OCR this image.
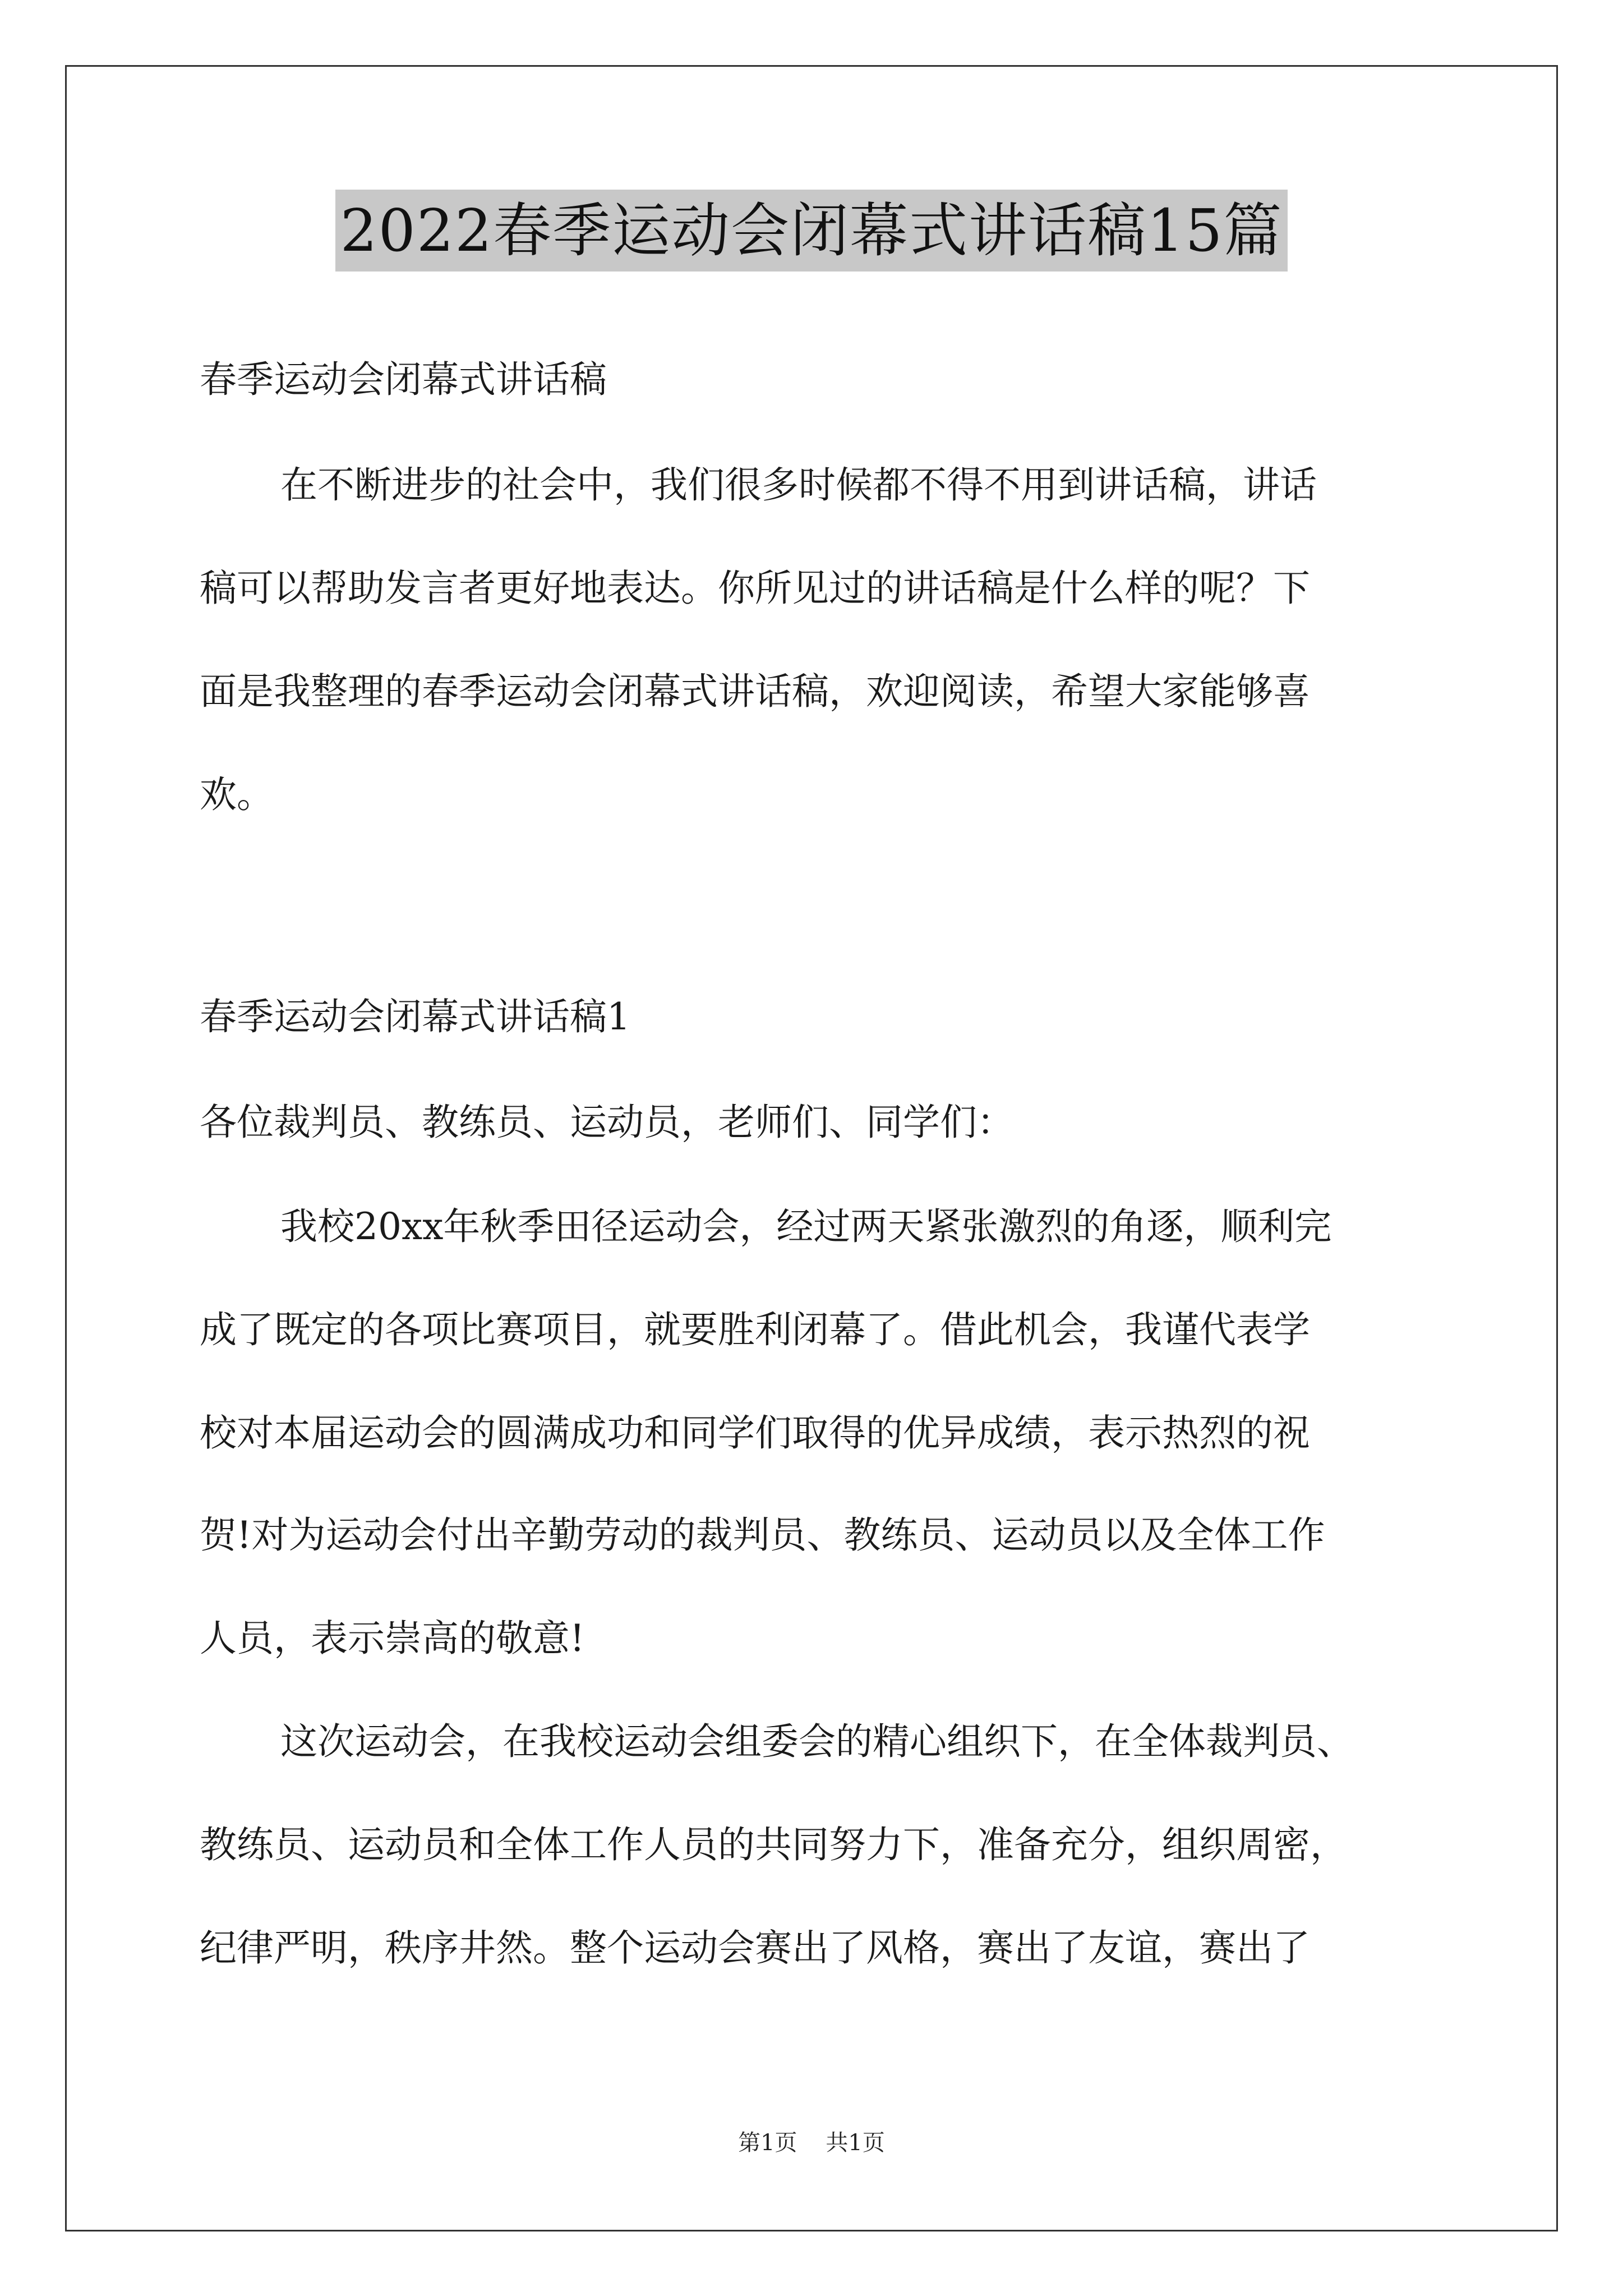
2022春季运动会闭幕式讲话稿15篇
春季运动会闭幕式讲话稿
在不断进步的社会中，我们很多时候都不得不用到讲话稿，讲话
稿可以帮助发言者更好地表达。你所见过的讲话稿是什么样的呢？下
面是我整理的春季运动会闭幕式讲话稿，欢迎阅读，希望大家能够喜
欢。
春季运动会闭幕式讲话稿1
各位裁判员、教练员、运动员，老师们、同学们：
我校20xx年秋季田径运动会，经过两天紧张激烈的角逐，顺利完
成了既定的各项比赛项目，就要胜利闭幕了。借此机会，我谨代表学
校对本届运动会的圆满成功和同学们取得的优异成绩，表示热烈的祝
贺!对为运动会付出辛勤劳动的裁判员、教练员、运动员以及全体工作
人员，表示崇高的敬意!
这次运动会，在我校运动会组委会的精心组织下，在全体裁判员、
教练员、运动员和全体工作人员的共同努力下，准备充分，组织周密，
纪律严明，秩序井然。整个运动会赛出了风格，赛出了友谊，赛出了
第1页 共1页
